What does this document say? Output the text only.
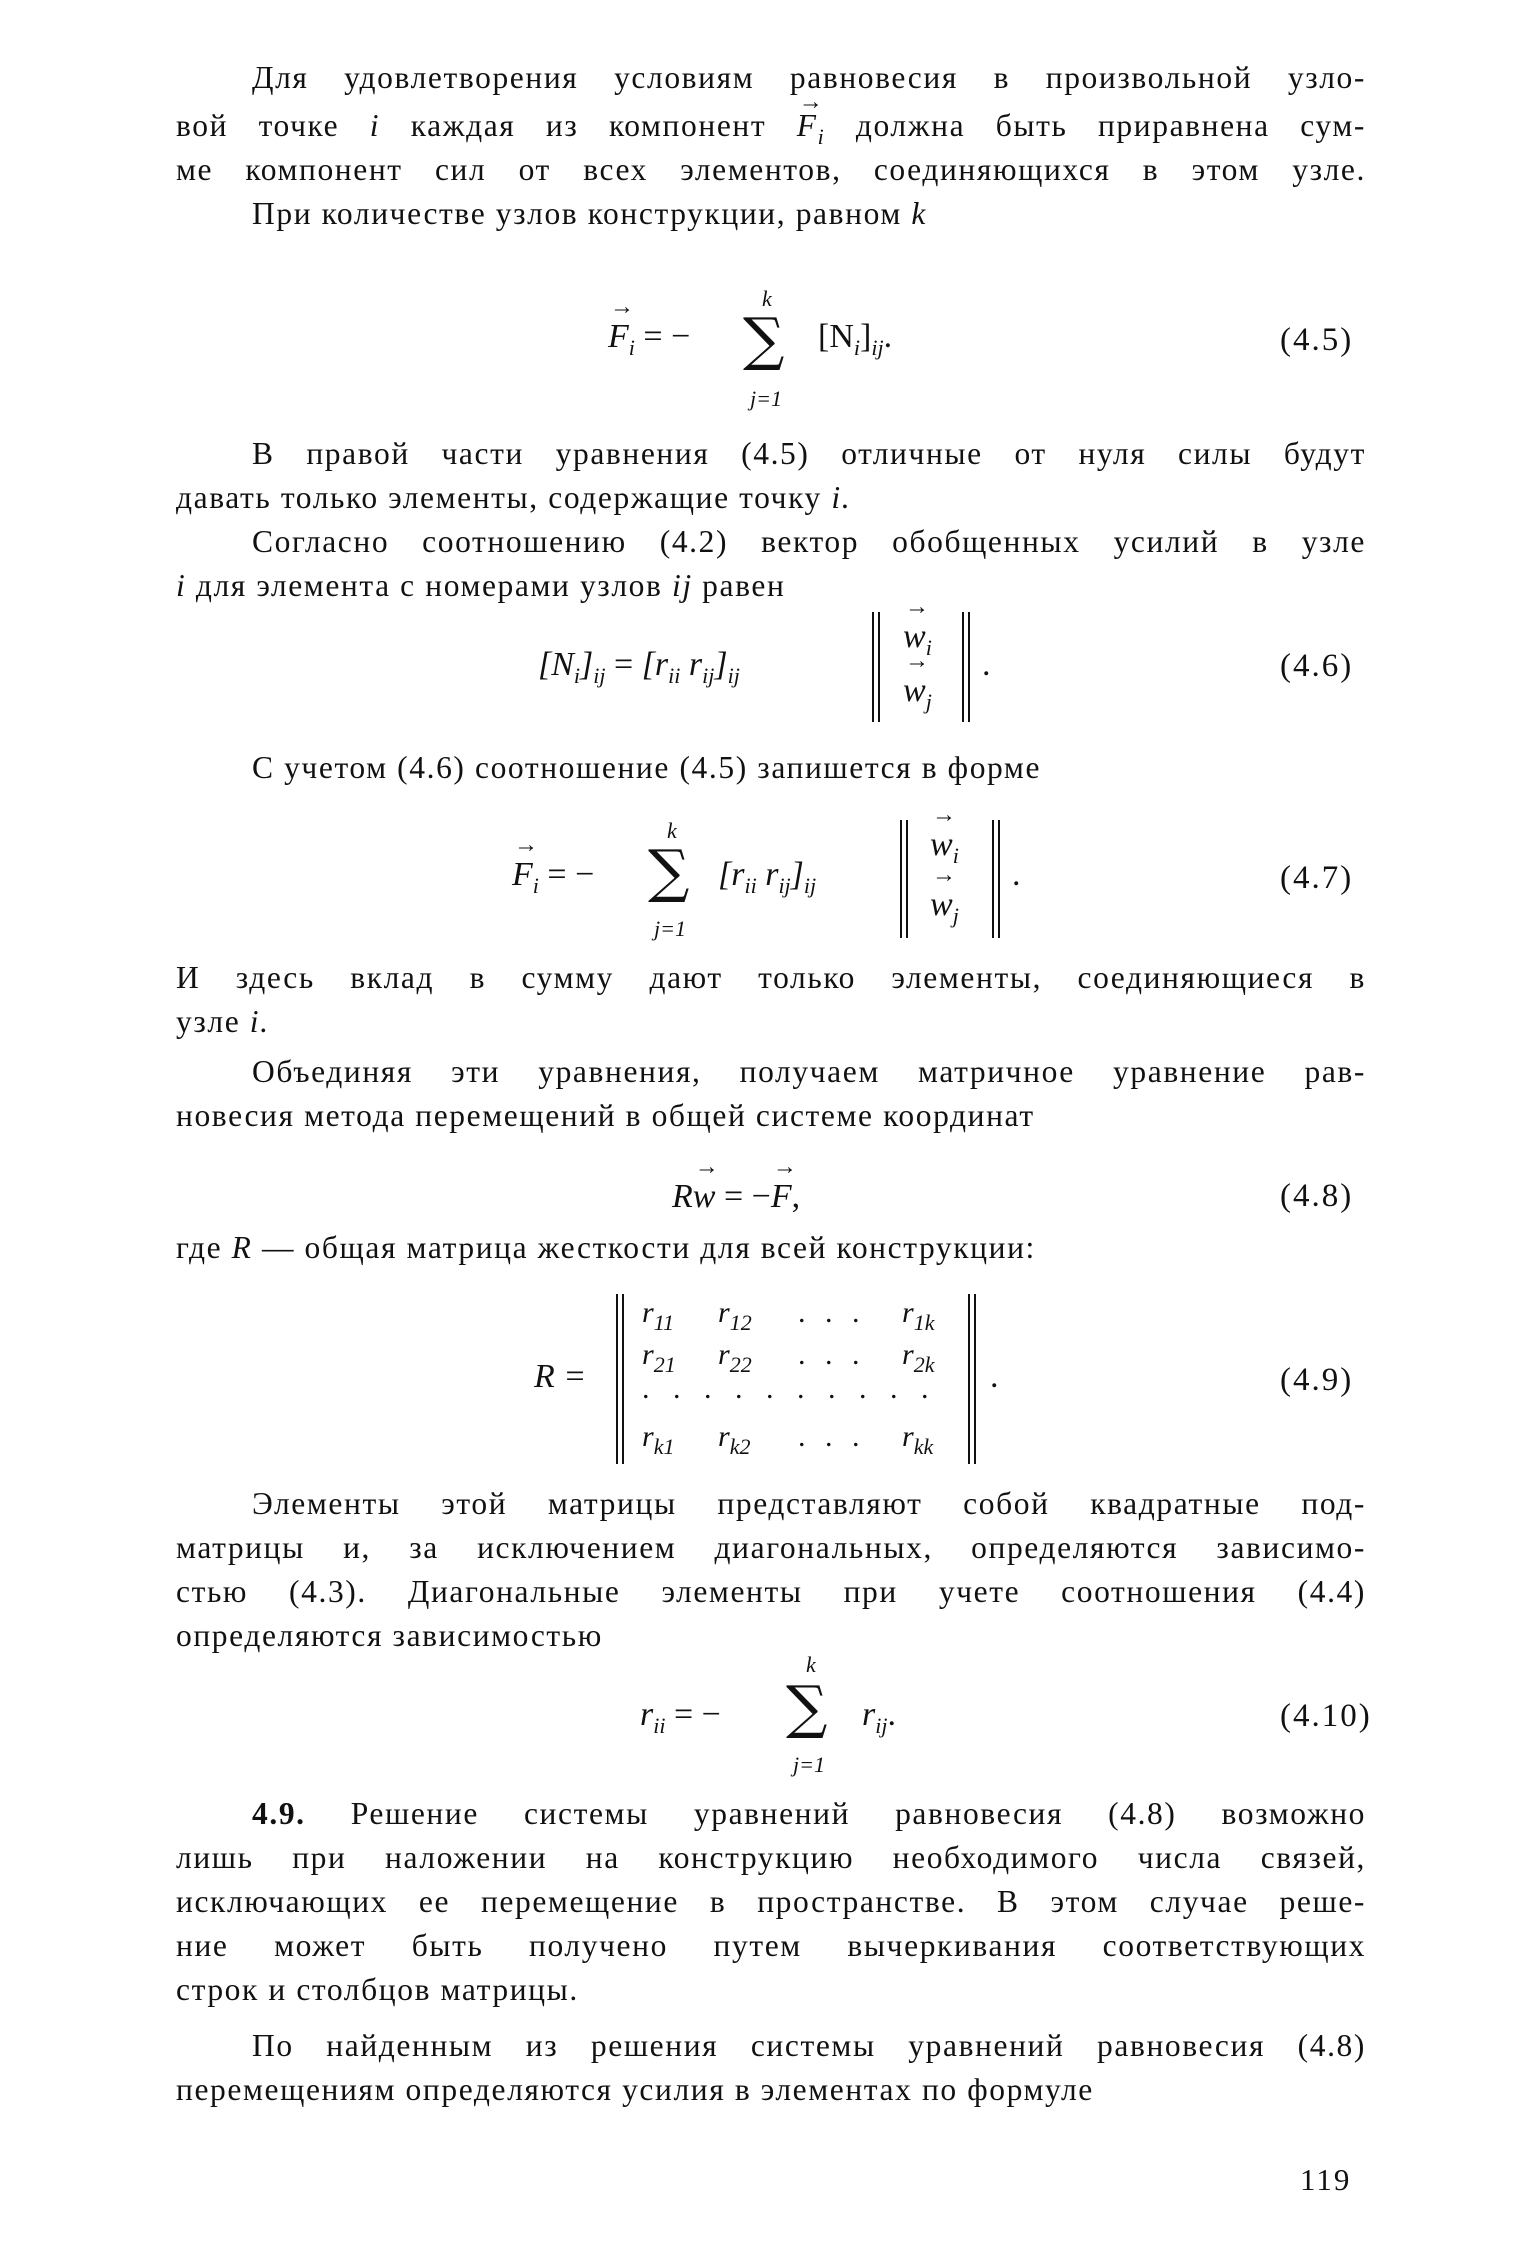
Для удовлетворения условиям равновесия в произвольной узло-

вой точке i каждая из компонент → $F_i$ должна быть приравнена сум-

ме компонент сил от всех элементов, соединяющихся в этом узле.

При количестве узлов конструкции, равном k

→ $F_i$ = −
k
∑
j=1
$[N_i]_{ij}$.	(4.5)

В правой части уравнения (4.5) отличные от нуля силы будут

давать только элементы, содержащие точку i.

Согласно соотношению (4.2) вектор обобщенных усилий в узле

i для элемента с номерами узлов ij равен

$[N_i]_{ij} = [r_{ii}$ $r_{ij}]_{ij}$
→ $w_i$
→ $w_j$
.	(4.6)

С учетом (4.6) соотношение (4.5) запишется в форме

→ $F_i$ = −
k
∑
j=1
[$r_{ii}$ $r_{ij}]_{ij}$
→ $w_i$
→ $w_j$
.	(4.7)

И здесь вклад в сумму дают только элементы, соединяющиеся в

узле i.

Объединяя эти уравнения, получаем матричное уравнение рав-

новесия метода перемещений в общей системе координат

R→ w = −→ F,	(4.8)

где R — общая матрица жесткости для всей конструкции:

R =
$r_{11}$ $r_{12}$ . . . $r_{1k}$
$r_{21}$ $r_{22}$ . . . $r_{2k}$
. . . . . . . . . .
$r_{k1}$ $r_{k2}$ . . . $r_{kk}$
.	(4.9)

Элементы этой матрицы представляют собой квадратные под-

матрицы и, за исключением диагональных, определяются зависимо-

стью (4.3). Диагональные элементы при учете соотношения (4.4)

определяются зависимостью

$r_{ii}$ = −
k
∑
j=1
$r_{ij}$.	(4.10)

4.9. Решение системы уравнений равновесия (4.8) возможно

лишь при наложении на конструкцию необходимого числа связей,

исключающих ее перемещение в пространстве. В этом случае реше-

ние может быть получено путем вычеркивания соответствующих

строк и столбцов матрицы.

По найденным из решения системы уравнений равновесия (4.8)

перемещениям определяются усилия в элементах по формуле

119
